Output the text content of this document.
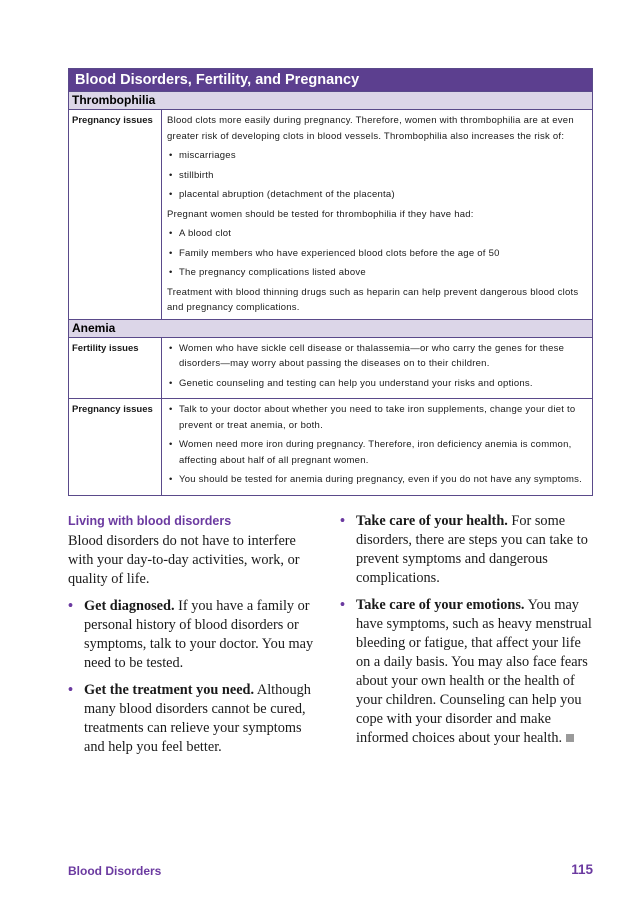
Blood Disorders, Fertility, and Pregnancy
Thrombophilia
Pregnancy issues	Blood clots more easily during pregnancy. Therefore, women with thrombophilia are at even greater risk of developing clots in blood vessels. Thrombophilia also increases the risk of:

• miscarriages
• stillbirth
• placental abruption (detachment of the placenta)

Pregnant women should be tested for thrombophilia if they have had:

• A blood clot
• Family members who have experienced blood clots before the age of 50
• The pregnancy complications listed above

Treatment with blood thinning drugs such as heparin can help prevent dangerous blood clots and pregnancy complications.

Anemia
Fertility issues	• Women who have sickle cell disease or thalassemia—or who carry the genes for these disorders—may worry about passing the diseases on to their children.
• Genetic counseling and testing can help you understand your risks and options.
Pregnancy issues	• Talk to your doctor about whether you need to take iron supplements, change your diet to prevent or treat anemia, or both.
• Women need more iron during pregnancy. Therefore, iron deficiency anemia is common, affecting about half of all pregnant women.
• You should be tested for anemia during pregnancy, even if you do not have any symptoms.
Living with blood disorders

Blood disorders do not have to interfere with your day-to-day activities, work, or quality of life.

• Get diagnosed. If you have a family or personal history of blood disorders or symptoms, talk to your doctor. You may need to be tested.
• Get the treatment you need. Although many blood disorders cannot be cured, treatments can relieve your symptoms and help you feel better.
• Take care of your health. For some disorders, there are steps you can take to prevent symptoms and dangerous complications.
• Take care of your emotions. You may have symptoms, such as heavy menstrual bleeding or fatigue, that affect your life on a daily basis. You may also face fears about your own health or the health of your children. Counseling can help you cope with your disorder and make informed choices about your health.
Blood Disorders	115
